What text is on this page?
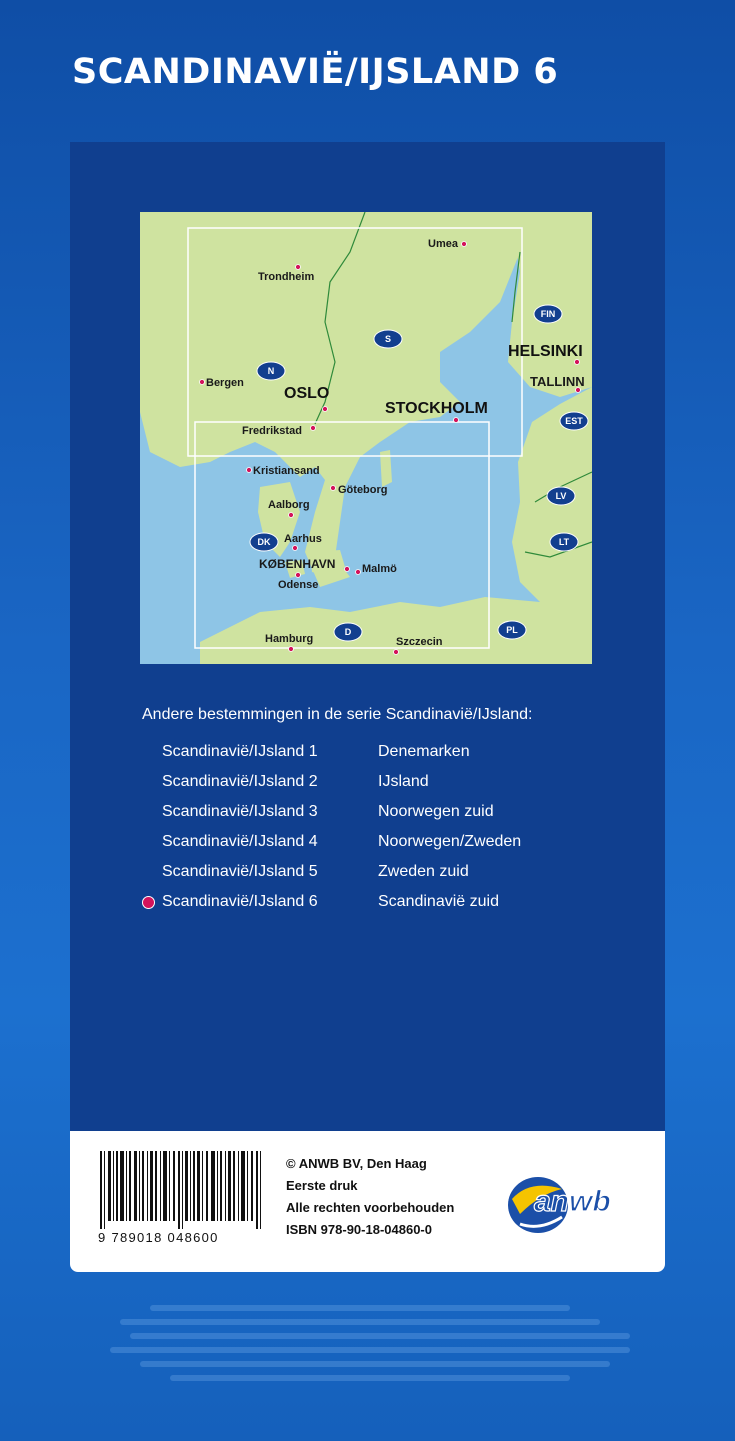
SCANDINAVIË/IJSLAND 6
Umea
Trondheim
Bergen
Fredrikstad
Kristiansand
Göteborg
Aalborg
Aarhus
Odense
Malmö
Hamburg	Szczecin
OSLO
STOCKHOLM
HELSINKI
TALLINN
KØBENHAVN
FIN
S
N
EST
LV
LT
DK
D	PL
Andere bestemmingen in de serie Scandinavië/IJsland:
Scandinavië/IJsland 1	Denemarken
Scandinavië/IJsland 2	IJsland
Scandinavië/IJsland 3	Noorwegen zuid
Scandinavië/IJsland 4	Noorwegen/Zweden
Scandinavië/IJsland 5	Zweden zuid
Scandinavië/IJsland 6	Scandinavië zuid
9 789018 048600
© ANWB BV, Den Haag
Eerste druk
Alle rechten voorbehouden
ISBN 978-90-18-04860-0
anwb
